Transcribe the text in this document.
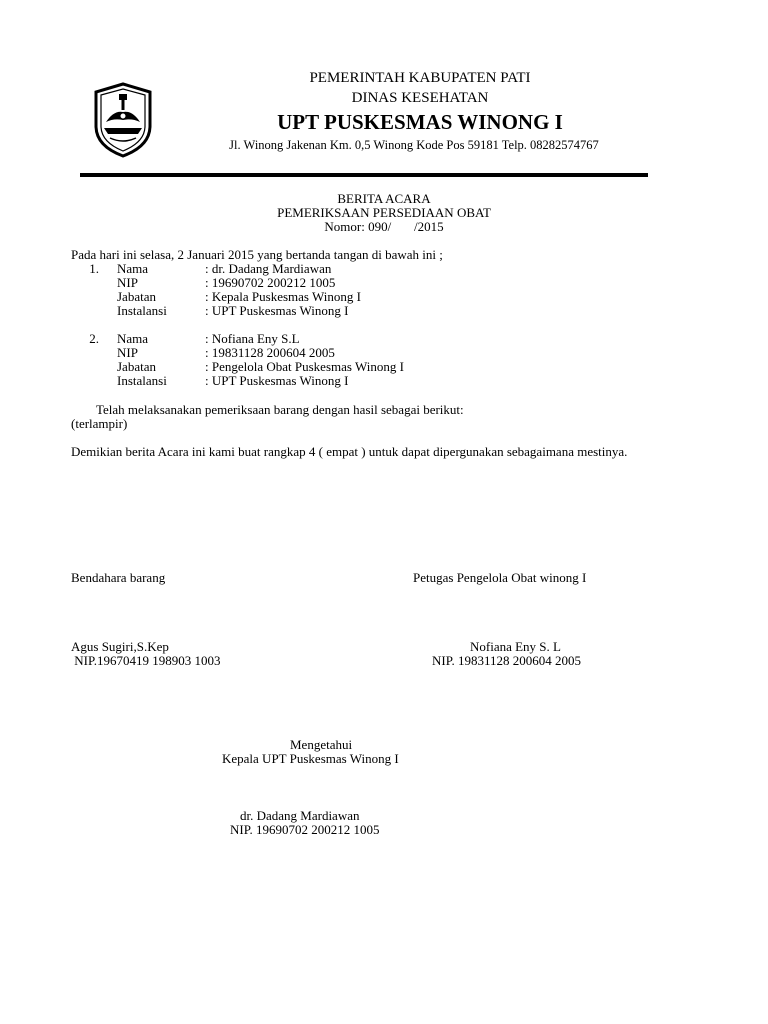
PEMERINTAH KABUPATEN PATI
DINAS KESEHATAN
UPT PUSKESMAS WINONG I
Jl. Winong Jakenan Km. 0,5 Winong Kode Pos 59181 Telp. 08282574767
BERITA ACARA
PEMERIKSAAN PERSEDIAAN OBAT
Nomor: 090/       /2015
Pada hari ini selasa, 2 Januari 2015 yang bertanda tangan di bawah ini ;
1. Nama	: dr. Dadang Mardiawan
NIP	: 19690702 200212 1005
Jabatan	: Kepala Puskesmas Winong I
Instalansi	: UPT Puskesmas Winong I
2. Nama	: Nofiana Eny S.L
NIP	: 19831128 200604 2005
Jabatan	: Pengelola Obat Puskesmas Winong I
Instalansi	: UPT Puskesmas Winong I
Telah melaksanakan pemeriksaan barang dengan hasil sebagai berikut:
(terlampir)
Demikian berita Acara ini kami buat rangkap 4 ( empat ) untuk dapat dipergunakan sebagaimana mestinya.
Bendahara barang	Petugas Pengelola Obat winong I
Agus Sugiri,S.Kep
NIP.19670419 198903 1003
Nofiana Eny S. L
NIP. 19831128 200604 2005
Mengetahui
Kepala UPT Puskesmas Winong I
dr. Dadang Mardiawan
NIP. 19690702 200212 1005
